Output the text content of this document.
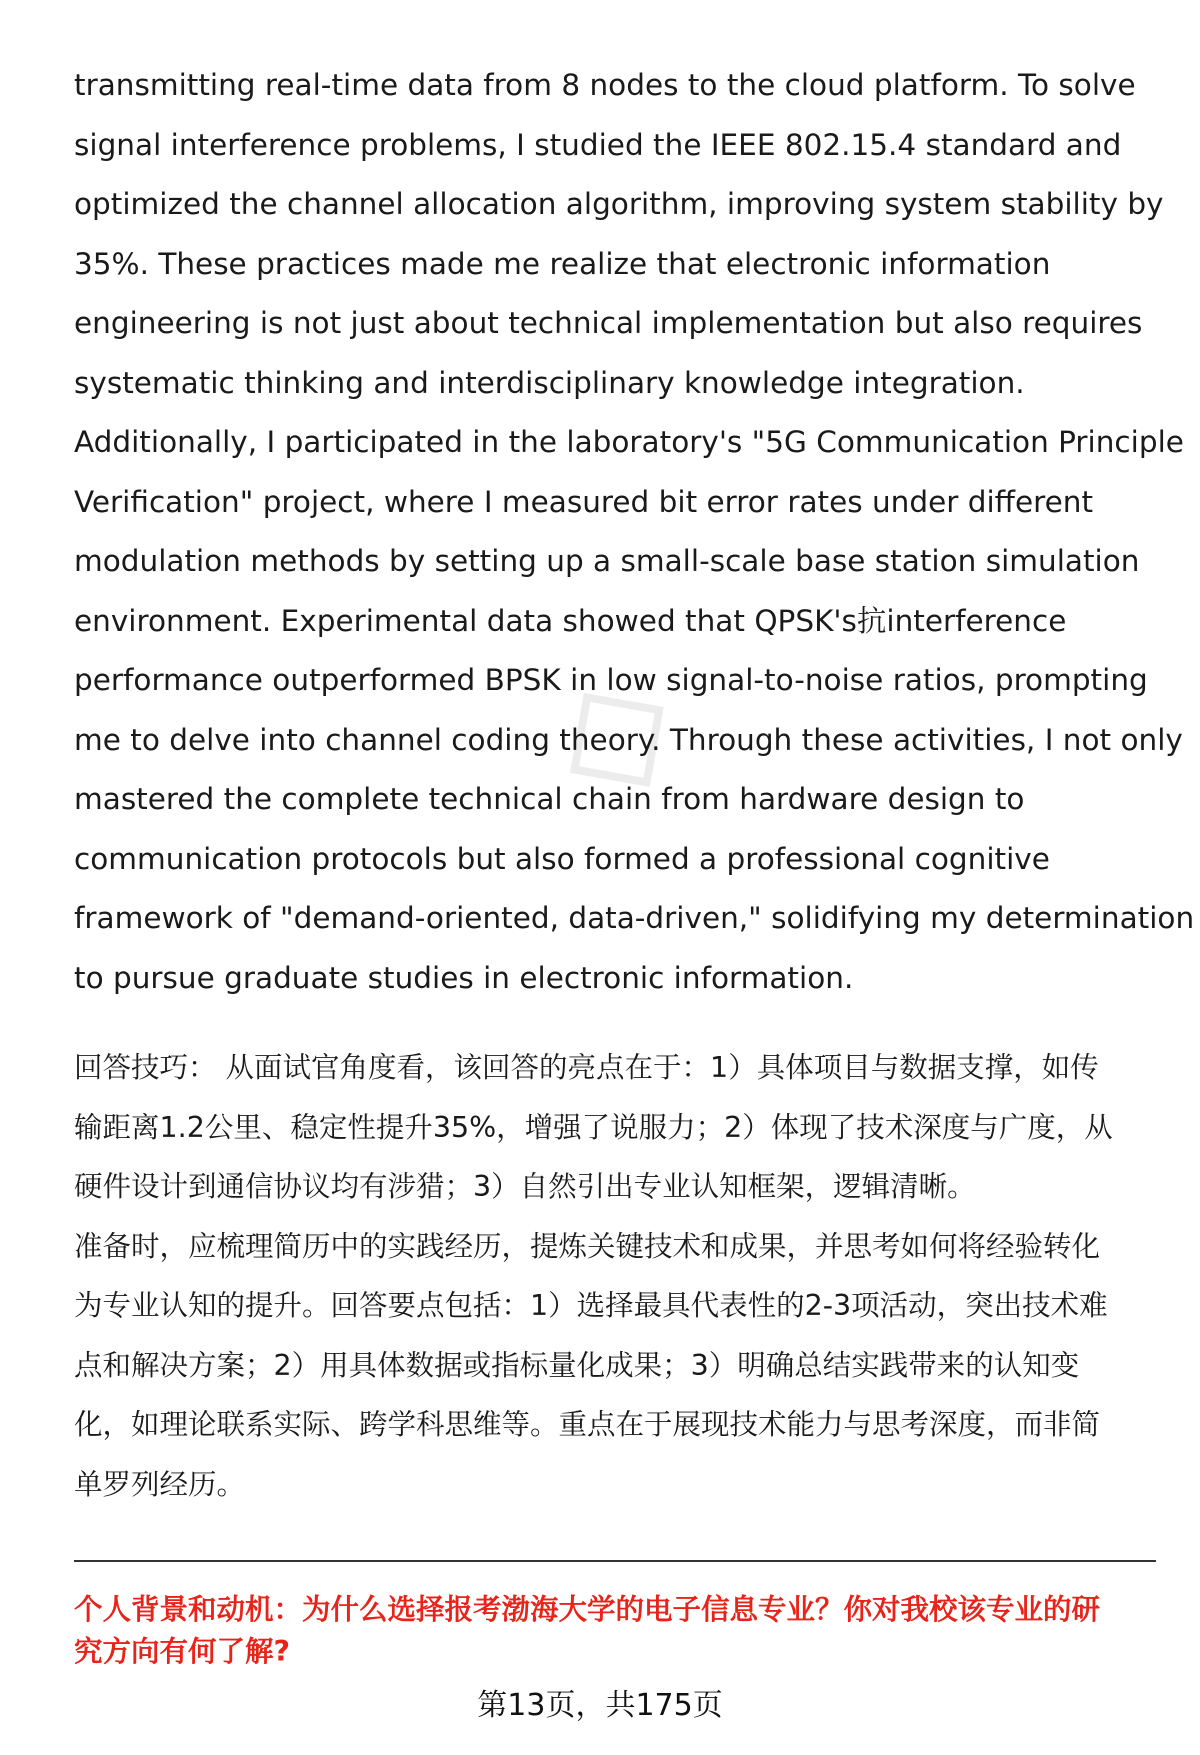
◇

transmitting real-time data from 8 nodes to the cloud platform. To solve
signal interference problems, I studied the IEEE 802.15.4 standard and
optimized the channel allocation algorithm, improving system stability by
35%. These practices made me realize that electronic information
engineering is not just about technical implementation but also requires
systematic thinking and interdisciplinary knowledge integration.
Additionally, I participated in the laboratory's "5G Communication Principle
Verification" project, where I measured bit error rates under different
modulation methods by setting up a small-scale base station simulation
environment. Experimental data showed that QPSK's抗interference
performance outperformed BPSK in low signal-to-noise ratios, prompting
me to delve into channel coding theory. Through these activities, I not only
mastered the complete technical chain from hardware design to
communication protocols but also formed a professional cognitive
framework of "demand-oriented, data-driven," solidifying my determination
to pursue graduate studies in electronic information.

回答技巧： 从面试官角度看，该回答的亮点在于：1）具体项目与数据支撑，如传
输距离1.2公里、稳定性提升35%，增强了说服力；2）体现了技术深度与广度，从
硬件设计到通信协议均有涉猎；3）自然引出专业认知框架，逻辑清晰。
准备时，应梳理简历中的实践经历，提炼关键技术和成果，并思考如何将经验转化
为专业认知的提升。回答要点包括：1）选择最具代表性的2-3项活动，突出技术难
点和解决方案；2）用具体数据或指标量化成果；3）明确总结实践带来的认知变
化，如理论联系实际、跨学科思维等。重点在于展现技术能力与思考深度，而非简
单罗列经历。
个人背景和动机：为什么选择报考渤海大学的电子信息专业？你对我校该专业的研
究方向有何了解?
第13页，共175页
